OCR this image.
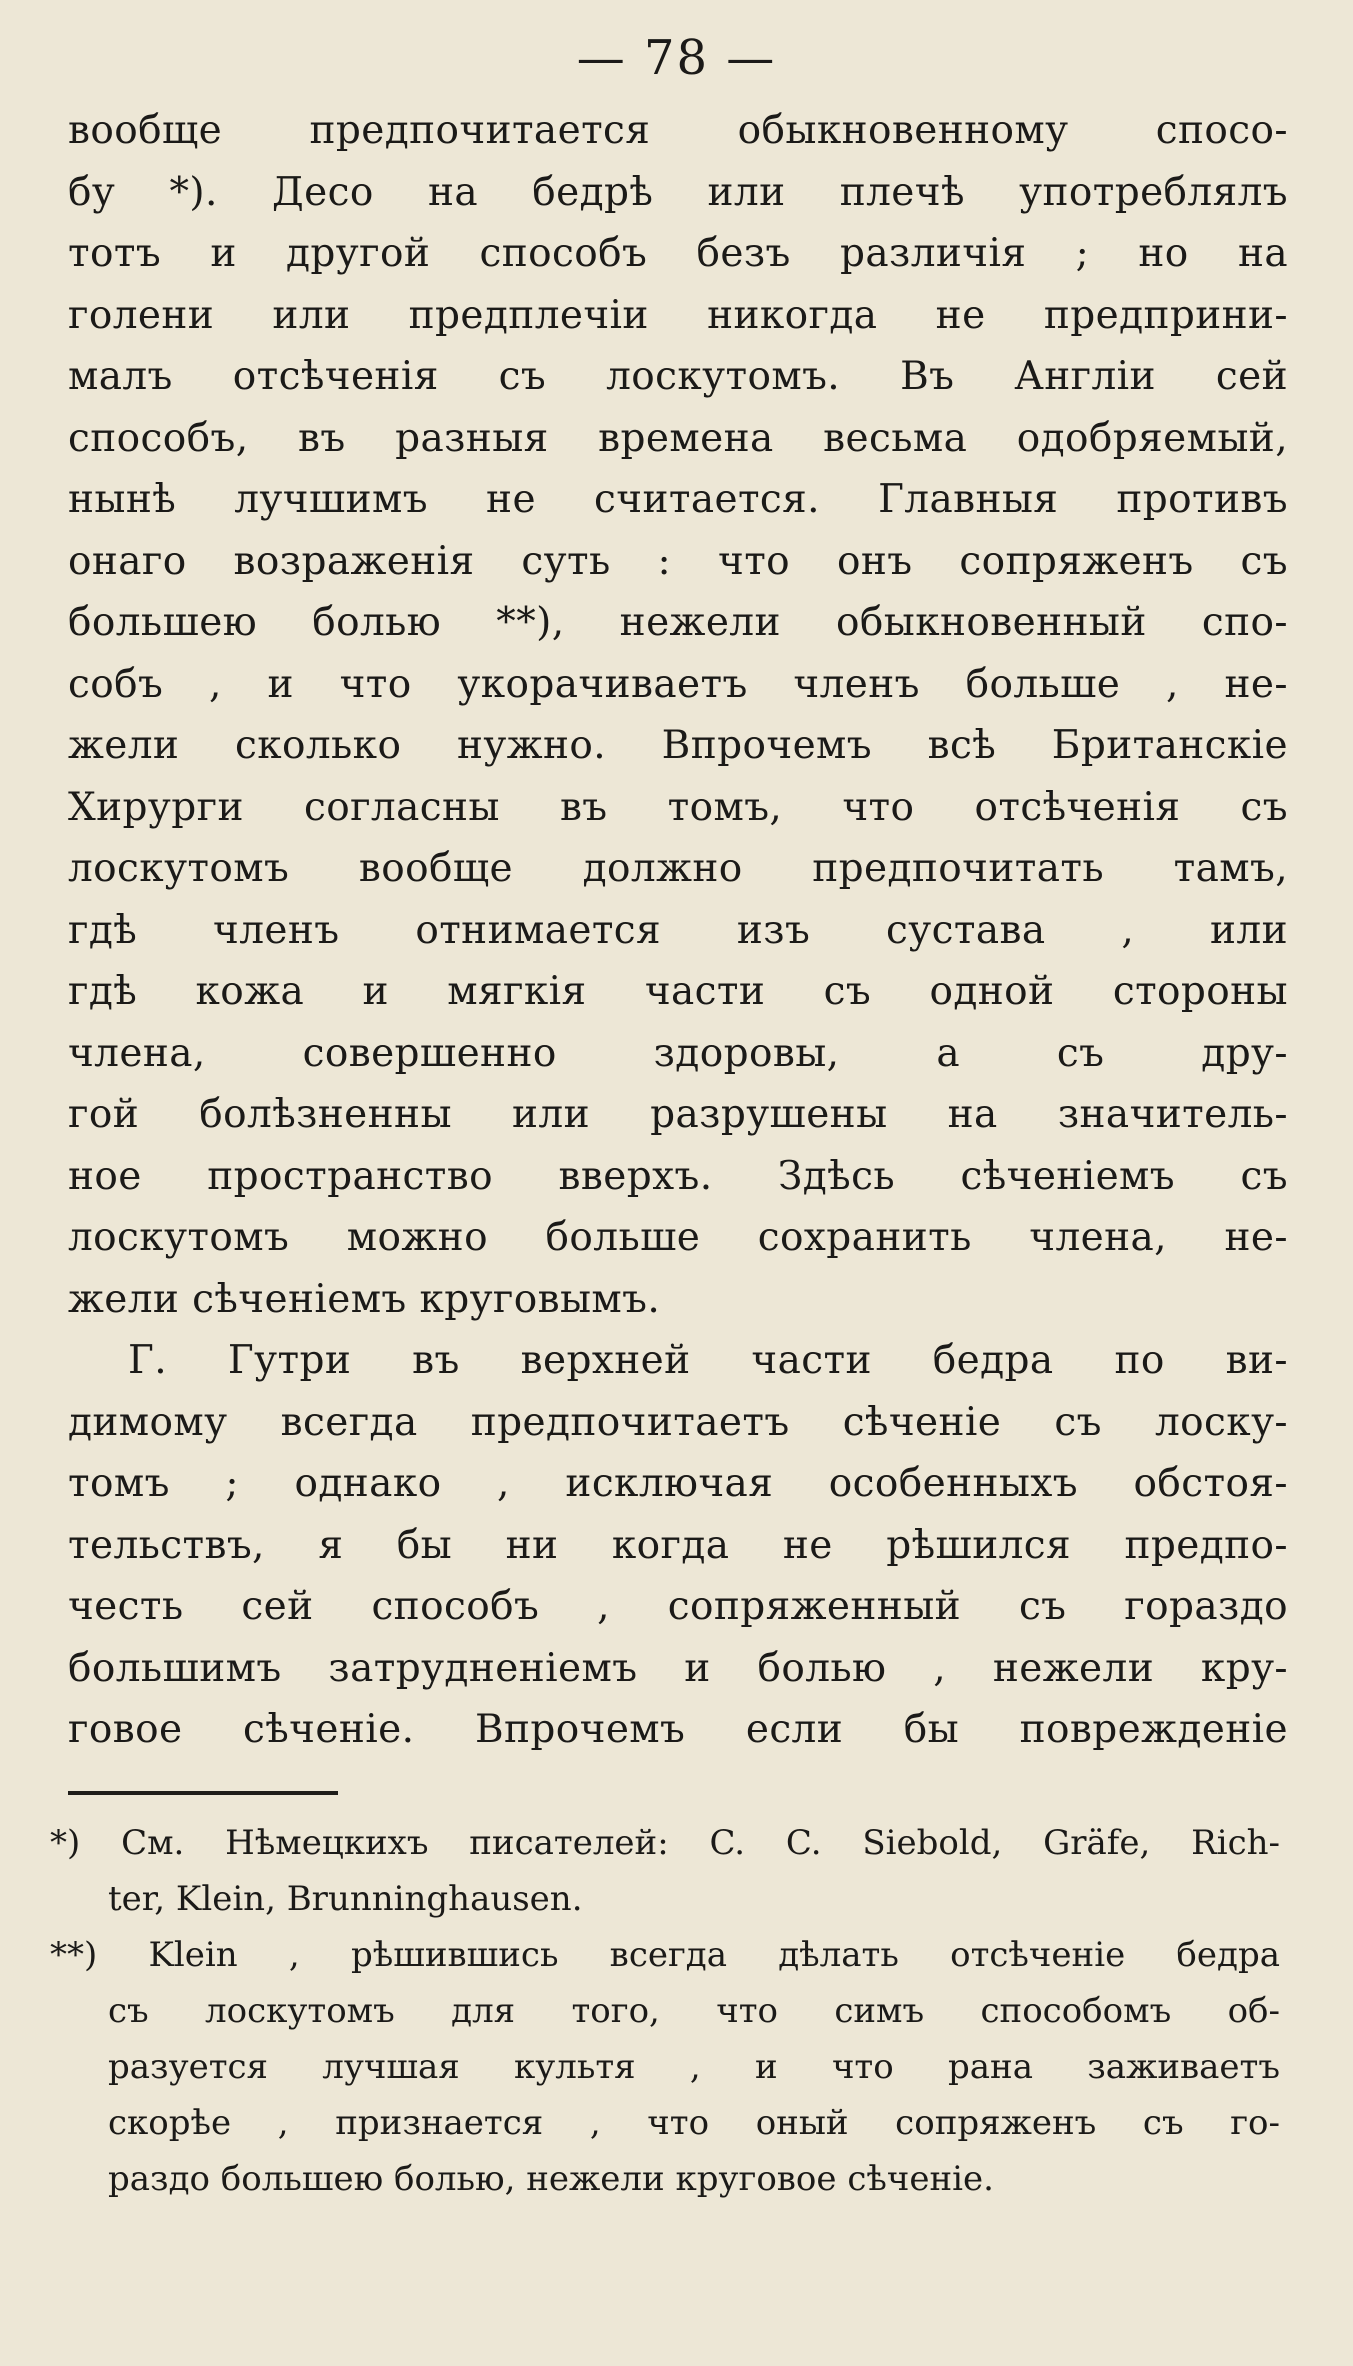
— 78 —
вообще предпочитается обыкновенному спосо-
бу *). Десо на бедрѣ или плечѣ употреблялъ
тотъ и другой способъ безъ различія ; но на
голени или предплечіи никогда не предприни-
малъ отсѣченія съ лоскутомъ. Въ Англіи сей
способъ, въ разныя времена весьма одобряемый,
нынѣ лучшимъ не считается. Главныя противъ
онаго возраженія суть : что онъ сопряженъ съ
большею болью **), нежели обыкновенный спо-
собъ , и что укорачиваетъ членъ больше , не-
жели сколько нужно. Впрочемъ всѣ Британскіе
Хирурги согласны въ томъ, что отсѣченія съ
лоскутомъ вообще должно предпочитать тамъ,
гдѣ членъ отнимается изъ сустава , или
гдѣ кожа и мягкія части съ одной стороны
члена, совершенно здоровы, а съ дру-
гой болѣзненны или разрушены на значитель-
ное пространство вверхъ. Здѣсь сѣченіемъ съ
лоскутомъ можно больше сохранить члена, не-
жели сѣченіемъ круговымъ.
Г. Гутри въ верхней части бедра по ви-
димому всегда предпочитаетъ сѣченіе съ лоску-
томъ ; однако , исключая особенныхъ обстоя-
тельствъ, я бы ни когда не рѣшился предпо-
честь сей способъ , сопряженный съ гораздо
большимъ затрудненіемъ и болью , нежели кру-
говое сѣченіе. Впрочемъ если бы поврежденіе
*) См. Нѣмецкихъ писателей: C. C. Siebold, Gräfe, Rich-
ter, Klein, Brunninghausen.
**) Klein , рѣшившись всегда дѣлать отсѣченіе бедра
съ лоскутомъ для того, что симъ способомъ об-
разуется лучшая культя , и что рана заживаетъ
скорѣе , признается , что оный сопряженъ съ го-
раздо большею болью, нежели круговое сѣченіе.
